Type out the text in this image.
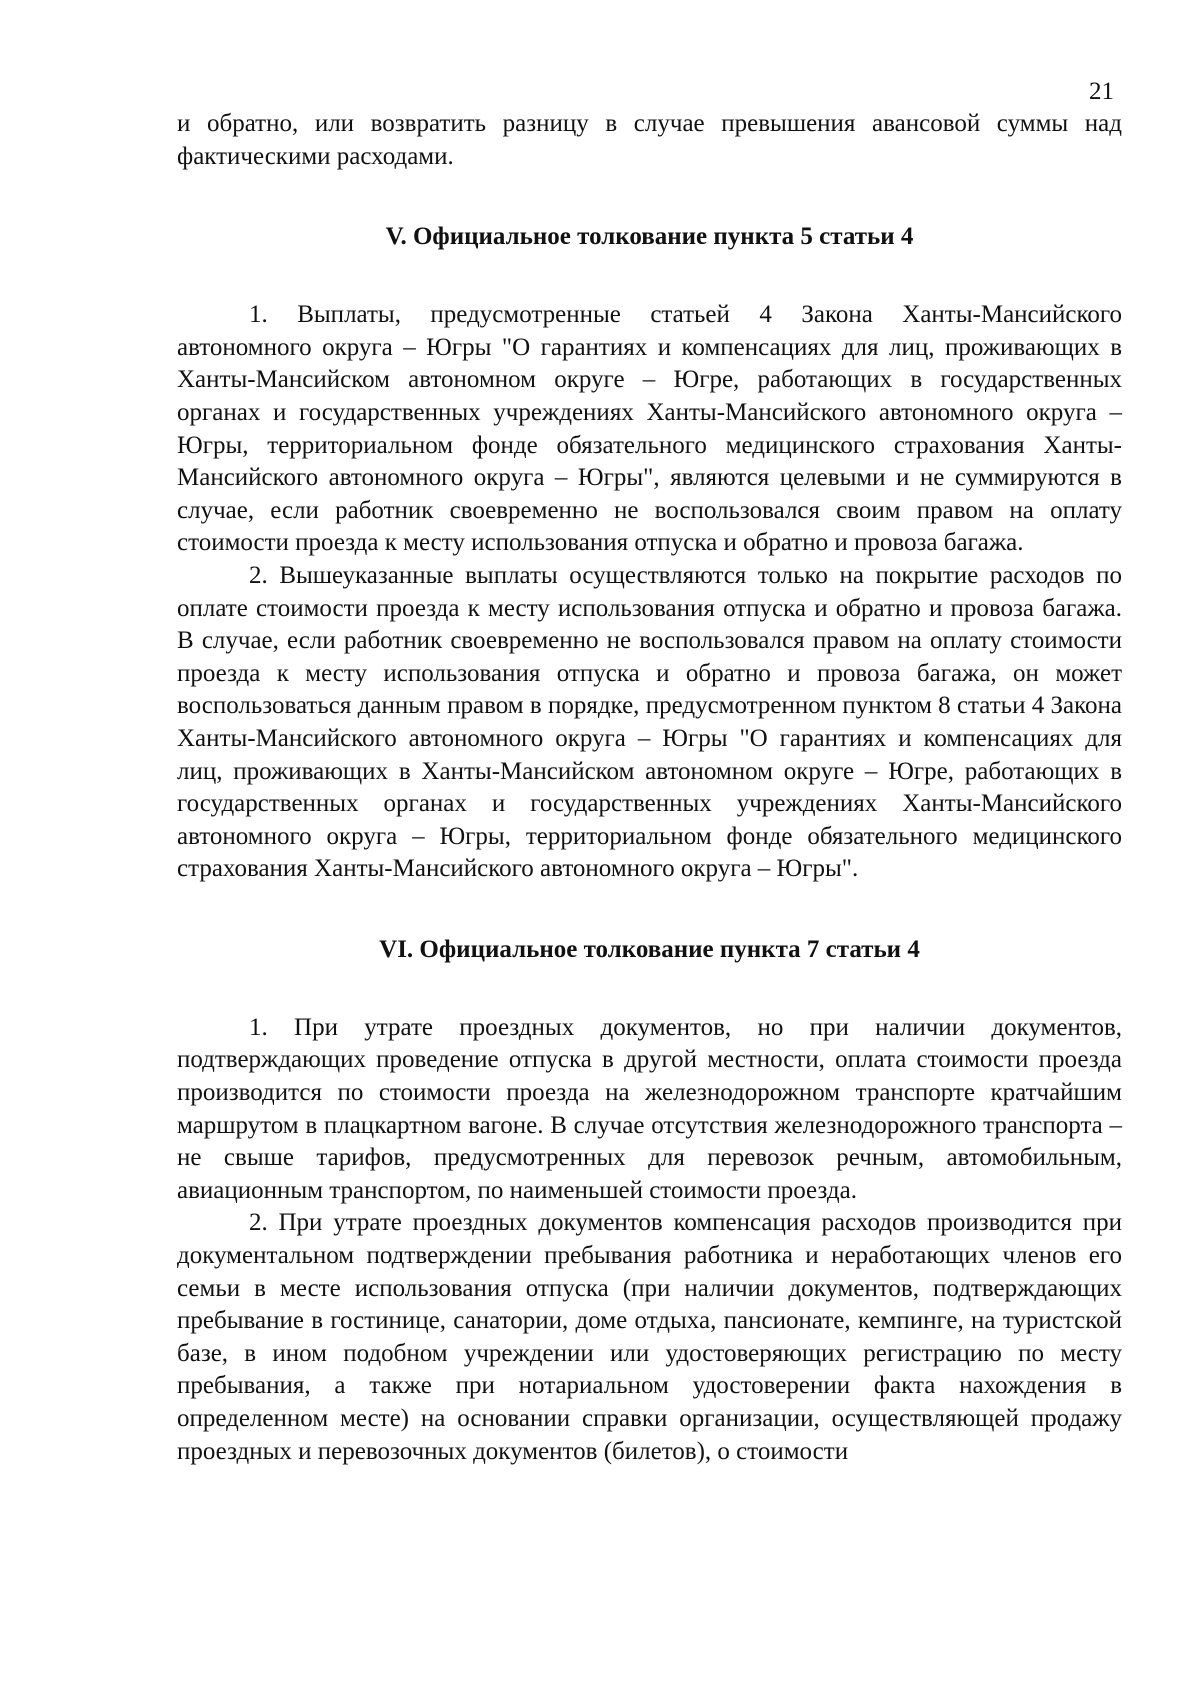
21

и обратно, или возвратить разницу в случае превышения авансовой суммы над фактическими расходами.

V. Официальное толкование пункта 5 статьи 4

1. Выплаты, предусмотренные статьей 4 Закона Ханты-Мансийского автономного округа – Югры "О гарантиях и компенсациях для лиц, проживающих в Ханты-Мансийском автономном округе – Югре, работающих в государственных органах и государственных учреждениях Ханты-Мансийского автономного округа – Югры, территориальном фонде обязательного медицинского страхования Ханты-Мансийского автономного округа – Югры", являются целевыми и не суммируются в случае, если работник своевременно не воспользовался своим правом на оплату стоимости проезда к месту использования отпуска и обратно и провоза багажа.

2. Вышеуказанные выплаты осуществляются только на покрытие расходов по оплате стоимости проезда к месту использования отпуска и обратно и провоза багажа. В случае, если работник своевременно не воспользовался правом на оплату стоимости проезда к месту использования отпуска и обратно и провоза багажа, он может воспользоваться данным правом в порядке, предусмотренном пунктом 8 статьи 4 Закона Ханты-Мансийского автономного округа – Югры "О гарантиях и компенсациях для лиц, проживающих в Ханты-Мансийском автономном округе – Югре, работающих в государственных органах и государственных учреждениях Ханты-Мансийского автономного округа – Югры, территориальном фонде обязательного медицинского страхования Ханты-Мансийского автономного округа – Югры".

VI. Официальное толкование пункта 7 статьи 4

1. При утрате проездных документов, но при наличии документов, подтверждающих проведение отпуска в другой местности, оплата стоимости проезда производится по стоимости проезда на железнодорожном транспорте кратчайшим маршрутом в плацкартном вагоне. В случае отсутствия железнодорожного транспорта – не свыше тарифов, предусмотренных для перевозок речным, автомобильным, авиационным транспортом, по наименьшей стоимости проезда.

2. При утрате проездных документов компенсация расходов производится при документальном подтверждении пребывания работника и неработающих членов его семьи в месте использования отпуска (при наличии документов, подтверждающих пребывание в гостинице, санатории, доме отдыха, пансионате, кемпинге, на туристской базе, в ином подобном учреждении или удостоверяющих регистрацию по месту пребывания, а также при нотариальном удостоверении факта нахождения в определенном месте) на основании справки организации, осуществляющей продажу проездных и перевозочных документов (билетов), о стоимости
